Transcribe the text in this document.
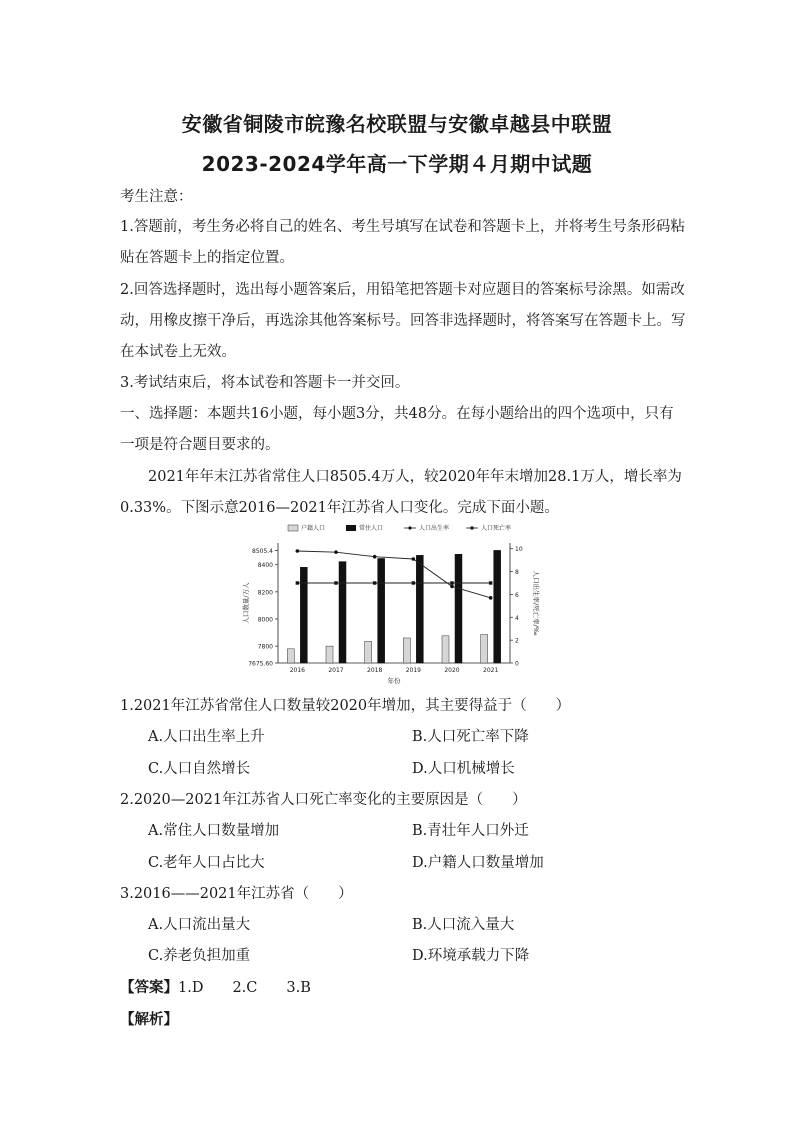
安徽省铜陵市皖豫名校联盟与安徽卓越县中联盟
2023-2024学年高一下学期４月期中试题
考生注意：
1.答题前，考生务必将自己的姓名、考生号填写在试卷和答题卡上，并将考生号条形码粘
贴在答题卡上的指定位置。
2.回答选择题时，选出每小题答案后，用铅笔把答题卡对应题目的答案标号涂黑。如需改
动，用橡皮擦干净后，再选涂其他答案标号。回答非选择题时，将答案写在答题卡上。写
在本试卷上无效。
3.考试结束后，将本试卷和答题卡一并交回。
一、选择题：本题共16小题，每小题3分，共48分。在每小题给出的四个选项中，只有
一项是符合题目要求的。
2021年年末江苏省常住人口8505.4万人，较2020年年末增加28.1万人，增长率为
0.33%。下图示意2016—2021年江苏省人口变化。完成下面小题。
7675.60
7800
8000
8200
8400
8505.4
0
2
4
6
8
10
2016	2017	2018	2019	2020	2021
人口数量/万人	人口出生率/死亡率/‰
年份
户籍人口	常住人口	人口出生率	人口死亡率
1.2021年江苏省常住人口数量较2020年增加，其主要得益于（　　）
A.人口出生率上升	B.人口死亡率下降
C.人口自然增长	D.人口机械增长
2.2020—2021年江苏省人口死亡率变化的主要原因是（　　）
A.常住人口数量增加	B.青壮年人口外迁
C.老年人口占比大	D.户籍人口数量增加
3.2016——2021年江苏省（　　）
A.人口流出量大	B.人口流入量大
C.养老负担加重	D.环境承载力下降
【答案】1.D　　2.C　　3.B
【解析】
